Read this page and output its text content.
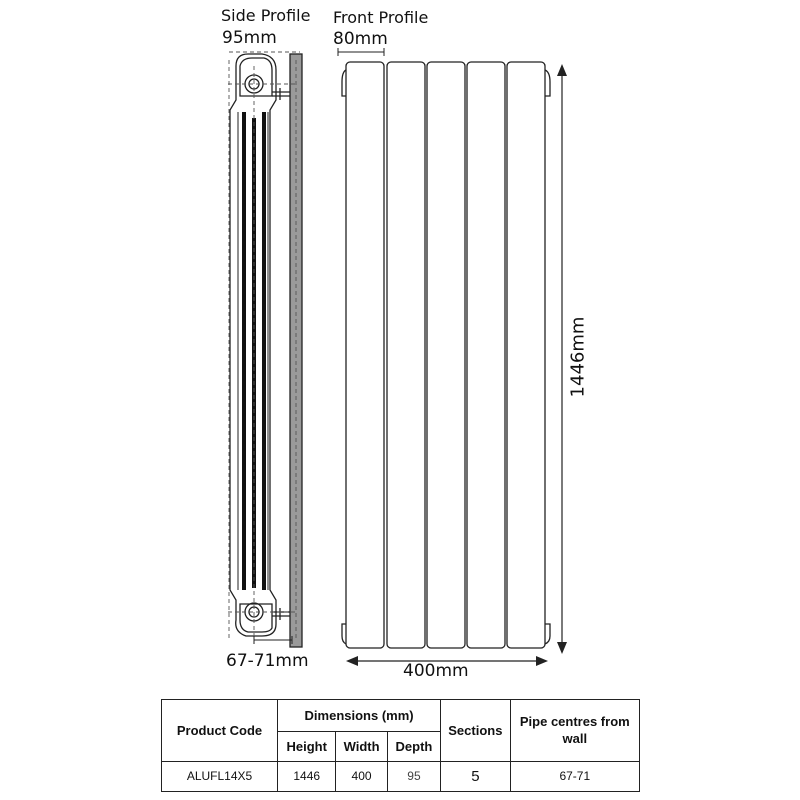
Side Profile
95mm
Front Profile
80mm
1446mm
400mm
67-71mm
Product Code	Dimensions (mm)			Sections	Pipe centres from wall
	Height	Width	Depth		
ALUFL14X5	1446	400	95	5	67-71
